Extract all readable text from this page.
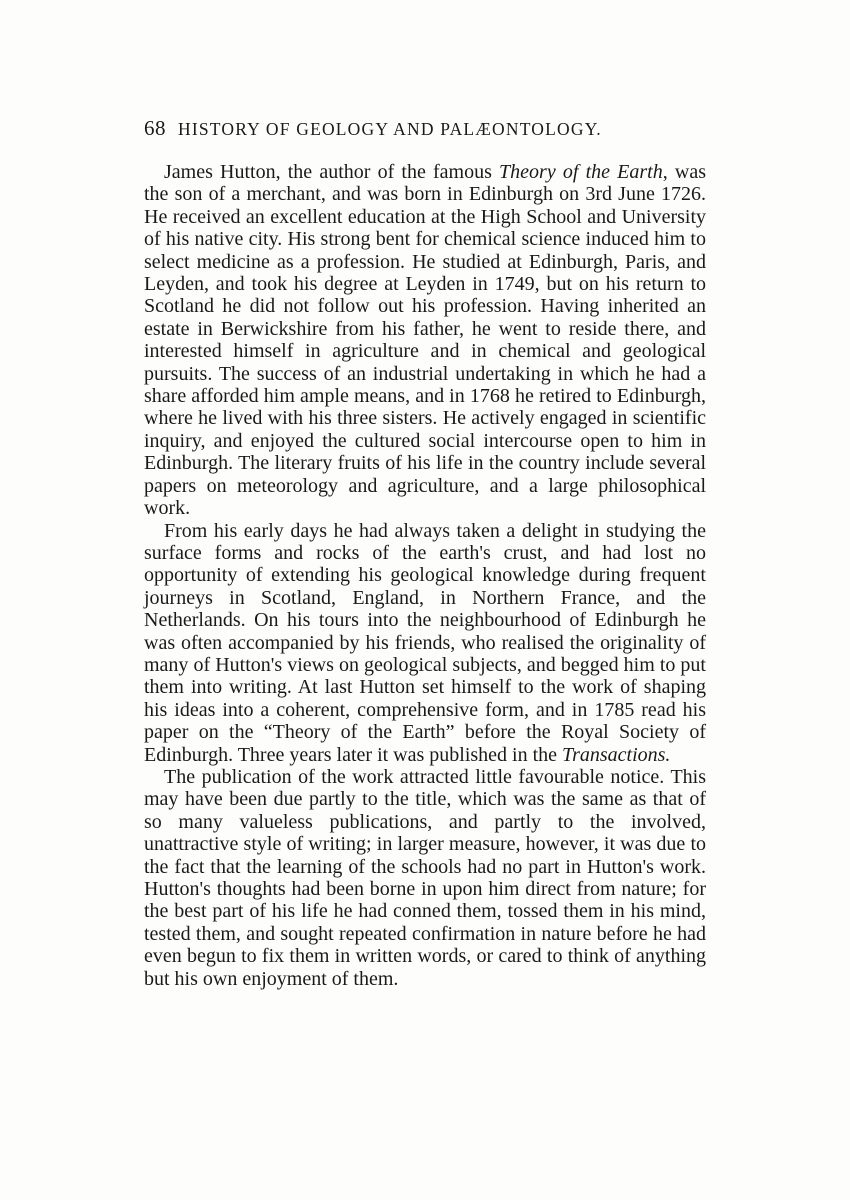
68 HISTORY OF GEOLOGY AND PALÆONTOLOGY.

James Hutton, the author of the famous Theory of the Earth, was the son of a merchant, and was born in Edinburgh on 3rd June 1726. He received an excellent education at the High School and University of his native city. His strong bent for chemical science induced him to select medicine as a profession. He studied at Edinburgh, Paris, and Leyden, and took his degree at Leyden in 1749, but on his return to Scotland he did not follow out his profession. Having inherited an estate in Berwickshire from his father, he went to reside there, and interested himself in agriculture and in chemical and geological pursuits. The success of an industrial undertaking in which he had a share afforded him ample means, and in 1768 he retired to Edinburgh, where he lived with his three sisters. He actively engaged in scientific inquiry, and enjoyed the cultured social intercourse open to him in Edinburgh. The literary fruits of his life in the country include several papers on meteorology and agriculture, and a large philosophical work.

From his early days he had always taken a delight in studying the surface forms and rocks of the earth's crust, and had lost no opportunity of extending his geological knowledge during frequent journeys in Scotland, England, in Northern France, and the Netherlands. On his tours into the neighbourhood of Edinburgh he was often accompanied by his friends, who realised the originality of many of Hutton's views on geological subjects, and begged him to put them into writing. At last Hutton set himself to the work of shaping his ideas into a coherent, comprehensive form, and in 1785 read his paper on the “Theory of the Earth” before the Royal Society of Edinburgh. Three years later it was published in the Transactions.

The publication of the work attracted little favourable notice. This may have been due partly to the title, which was the same as that of so many valueless publications, and partly to the involved, unattractive style of writing; in larger measure, however, it was due to the fact that the learning of the schools had no part in Hutton's work. Hutton's thoughts had been borne in upon him direct from nature; for the best part of his life he had conned them, tossed them in his mind, tested them, and sought repeated confirmation in nature before he had even begun to fix them in written words, or cared to think of anything but his own enjoyment of them.
